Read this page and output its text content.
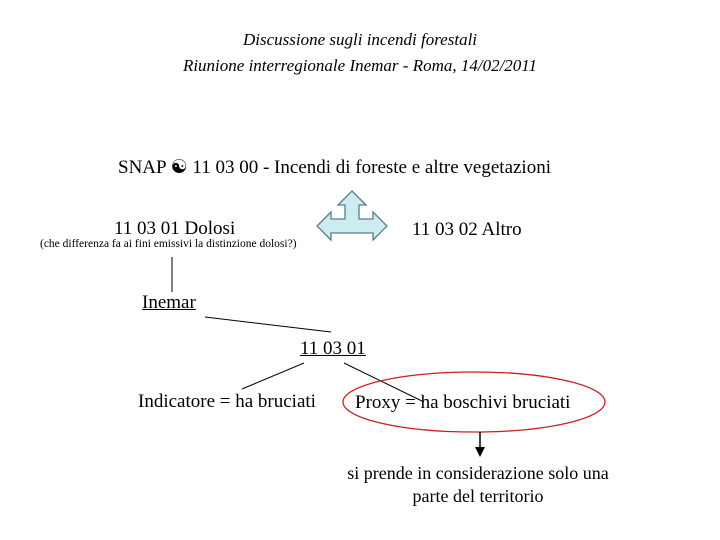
Discussione sugli incendi forestali
Riunione interregionale Inemar - Roma, 14/02/2011
SNAP ☯ 11 03 00 - Incendi di foreste e altre vegetazioni
11 03 01 Dolosi	11 03 02 Altro
(che differenza fa ai fini emissivi la distinzione dolosi?)
Inemar
11 03 01
Indicatore = ha bruciati Proxy = ha boschivi bruciati
si prende in considerazione solo una parte del territorio
